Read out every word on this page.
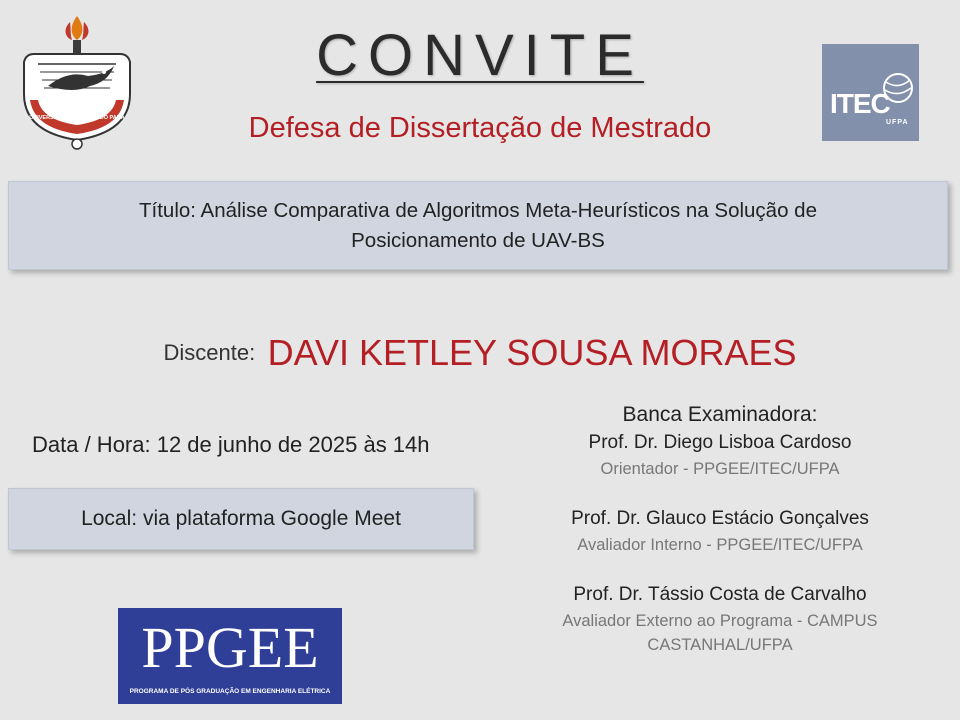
UNIVERSIDADE FEDERAL DO PARÁ
CONVITE
Defesa de Dissertação de Mestrado
ITEC
UFPA
Título: Análise Comparativa de Algoritmos Meta-Heurísticos na Solução de
Posicionamento de UAV-BS
Discente: DAVI KETLEY SOUSA MORAES
Data / Hora: 12 de junho de 2025 às 14h
Local: via plataforma Google Meet
PPGEE
PROGRAMA DE PÓS GRADUAÇÃO EM ENGENHARIA ELÉTRICA
Banca Examinadora:
Prof. Dr. Diego Lisboa Cardoso
Orientador - PPGEE/ITEC/UFPA
Prof. Dr. Glauco Estácio Gonçalves
Avaliador Interno - PPGEE/ITEC/UFPA
Prof. Dr. Tássio Costa de Carvalho
Avaliador Externo ao Programa - CAMPUS
CASTANHAL/UFPA
